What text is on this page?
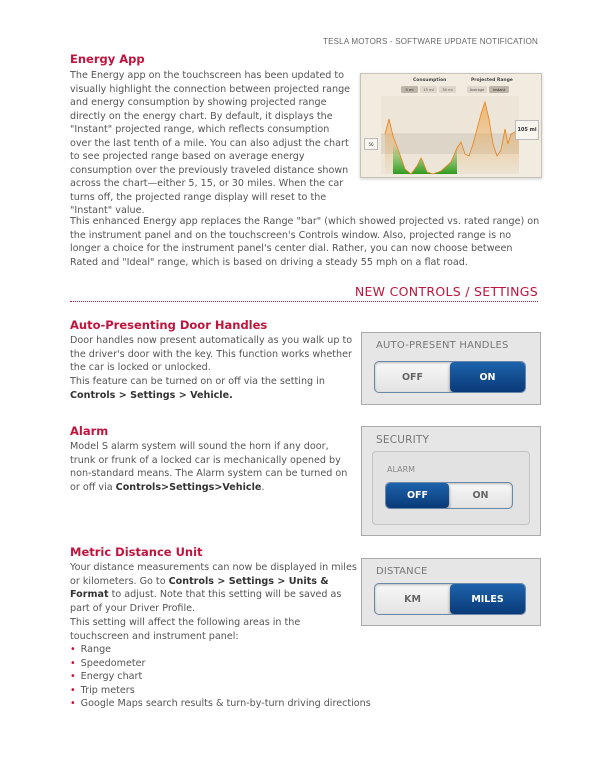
TESLA MOTORS - SOFTWARE UPDATE NOTIFICATION
Energy App

The Energy app on the touchscreen has been updated to visually highlight the connection between projected range and energy consumption by showing projected range directly on the energy chart. By default, it displays the "Instant" projected range, which reflects consumption over the last tenth of a mile. You can also adjust the chart to see projected range based on average energy consumption over the previously traveled distance shown across the chart—either 5, 15, or 30 miles. When the car turns off, the projected range display will reset to the "Instant" value.

Consumption	Projected Range
5 mi	15 mi	30 mi	Average	Instant
105 mi
56

This enhanced Energy app replaces the Range "bar" (which showed projected vs. rated range) on the instrument panel and on the touchscreen's Controls window. Also, projected range is no longer a choice for the instrument panel's center dial. Rather, you can now choose between Rated and "Ideal" range, which is based on driving a steady 55 mph on a flat road.

NEW CONTROLS / SETTINGS
Auto-Presenting Door Handles

Door handles now present automatically as you walk up to the driver's door with the key. This function works whether the car is locked or unlocked.

This feature can be turned on or off via the setting in Controls > Settings > Vehicle.

AUTO-PRESENT HANDLES
OFF	ON
Alarm

Model S alarm system will sound the horn if any door, trunk or frunk of a locked car is mechanically opened by non-standard means. The Alarm system can be turned on or off via Controls>Settings>Vehicle.

SECURITY
ALARM
OFF	ON
Metric Distance Unit

Your distance measurements can now be displayed in miles or kilometers. Go to Controls > Settings > Units & Format to adjust. Note that this setting will be saved as part of your Driver Profile.

This setting will affect the following areas in the touchscreen and instrument panel:

• Range
• Speedometer
• Energy chart
• Trip meters
• Google Maps search results & turn-by-turn driving directions
DISTANCE
KM	MILES
